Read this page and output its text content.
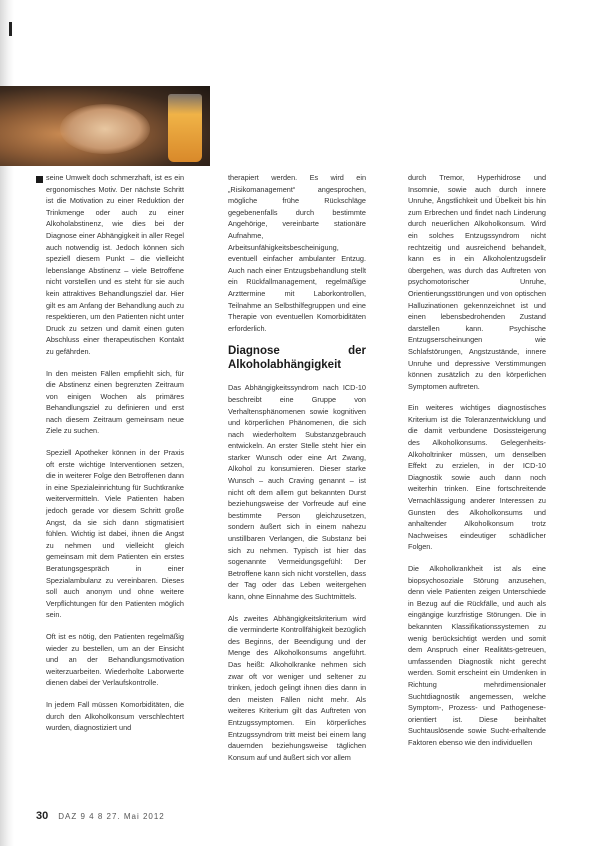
seine Umwelt doch schmerzhaft, ist es ein ergonomisches Motiv. Der nächste Schritt ist die Motivation zu einer Reduktion der Trinkmenge oder auch zu einer Alkoholabstinenz, wie dies bei der Diagnose einer Abhängigkeit in aller Regel auch notwendig ist. Jedoch können sich speziell diesem Punkt – die vielleicht lebenslange Abstinenz – viele Betroffene nicht vorstellen und es steht für sie auch kein attraktives Behandlungsziel dar. Hier gilt es am Anfang der Behandlung auch zu respektieren, um den Patienten nicht unter Druck zu setzen und damit einen guten Abschluss einer therapeutischen Kontakt zu gefährden.

In den meisten Fällen empfiehlt sich, für die Abstinenz einen begrenzten Zeitraum von einigen Wochen als primäres Behandlungsziel zu definieren und erst nach diesem Zeitraum gemeinsam neue Ziele zu suchen.

Speziell Apotheker können in der Praxis oft erste wichtige Interventionen setzen, die in weiterer Folge den Betroffenen dann in eine Spezialeinrichtung für Suchtkranke weitervermitteln. Viele Patienten haben jedoch gerade vor diesem Schritt große Angst, da sie sich dann stigmatisiert fühlen. Wichtig ist dabei, ihnen die Angst zu nehmen und vielleicht gleich gemeinsam mit dem Patienten ein erstes Beratungsgespräch in einer Spezialambulanz zu vereinbaren. Dieses soll auch anonym und ohne weitere Verpflichtungen für den Patienten möglich sein.

Oft ist es nötig, den Patienten regelmäßig wieder zu bestellen, um an der Einsicht und an der Behandlungsmotivation weiterzuarbeiten. Wiederholte Laborwerte dienen dabei der Verlaufskontrolle.

In jedem Fall müssen Komorbiditäten, die durch den Alkoholkonsum verschlechtert wurden, diagnostiziert und

therapiert werden. Es wird ein „Risikomanagement“ angesprochen, mögliche frühe Rückschläge gegebenenfalls durch bestimmte Angehörige, vereinbarte stationäre Aufnahme, Arbeitsunfähigkeitsbescheinigung, eventuell einfacher ambulanter Entzug. Auch nach einer Entzugsbehandlung stellt ein Rückfallmanagement, regelmäßige Arzttermine mit Laborkontrollen, Teilnahme an Selbsthilfegruppen und eine Therapie von eventuellen Komorbiditäten erforderlich.

Diagnose der Alkoholabhängigkeit

Das Abhängigkeitssyndrom nach ICD-10 beschreibt eine Gruppe von Verhaltensphänomenen sowie kognitiven und körperlichen Phänomenen, die sich nach wiederholtem Substanzgebrauch entwickeln. An erster Stelle steht hier ein starker Wunsch oder eine Art Zwang, Alkohol zu konsumieren. Dieser starke Wunsch – auch Craving genannt – ist nicht oft dem allem gut bekannten Durst beziehungsweise der Vorfreude auf eine bestimmte Person gleichzusetzen, sondern äußert sich in einem nahezu unstillbaren Verlangen, die Substanz bei sich zu nehmen. Typisch ist hier das sogenannte Vermeidungsgefühl: Der Betroffene kann sich nicht vorstellen, dass der Tag oder das Leben weitergehen kann, ohne Einnahme des Suchtmittels.

Als zweites Abhängigkeitskriterium wird die verminderte Kontrollfähigkeit bezüglich des Beginns, der Beendigung und der Menge des Alkoholkonsums angeführt. Das heißt: Alkoholkranke nehmen sich zwar oft vor weniger und seltener zu trinken, jedoch gelingt ihnen dies dann in den meisten Fällen nicht mehr. Als weiteres Kriterium gilt das Auftreten von Entzugssymptomen. Ein körperliches Entzugssyndrom tritt meist bei einem lang dauernden beziehungsweise täglichen Konsum auf und äußert sich vor allem

durch Tremor, Hyperhidrose und Insomnie, sowie auch durch innere Unruhe, Ängstlichkeit und Übelkeit bis hin zum Erbrechen und findet nach Linderung durch neuerlichen Alkoholkonsum. Wird ein solches Entzugssyndrom nicht rechtzeitig und ausreichend behandelt, kann es in ein Alkoholentzugsdelir übergehen, was durch das Auftreten von psychomotorischer Unruhe, Orientierungsstörungen und von optischen Halluzinationen gekennzeichnet ist und einen lebensbedrohenden Zustand darstellen kann. Psychische Entzugserscheinungen wie Schlafstörungen, Angstzustände, innere Unruhe und depressive Verstimmungen können zusätzlich zu den körperlichen Symptomen auftreten.

Ein weiteres wichtiges diagnostisches Kriterium ist die Toleranzentwicklung und die damit verbundene Dosissteigerung des Alkoholkonsums. Gelegenheits-Alkoholtrinker müssen, um denselben Effekt zu erzielen, in der ICD-10 Diagnostik sowie auch dann noch weiterhin trinken. Eine fortschreitende Vernachlässigung anderer Interessen zu Gunsten des Alkoholkonsums und anhaltender Alkoholkonsum trotz Nachweises eindeutiger schädlicher Folgen.

Die Alkoholkrankheit ist als eine biopsychosoziale Störung anzusehen, denn viele Patienten zeigen Unterschiede in Bezug auf die Rückfälle, und auch als eingängige kurzfristige Störungen. Die in bekannten Klassifikationssystemen zu wenig berücksichtigt werden und somit dem Anspruch einer Realitäts-getreuen, umfassenden Diagnostik nicht gerecht werden. Somit erscheint ein Umdenken in Richtung mehrdimensionaler Suchtdiagnostik angemessen, welche Symptom-, Prozess- und Pathogenese-orientiert ist. Diese beinhaltet Suchtauslösende sowie Sucht-erhaltende Faktoren ebenso wie den individuellen

30 DAZ 9 4 8 27. Mai 2012
